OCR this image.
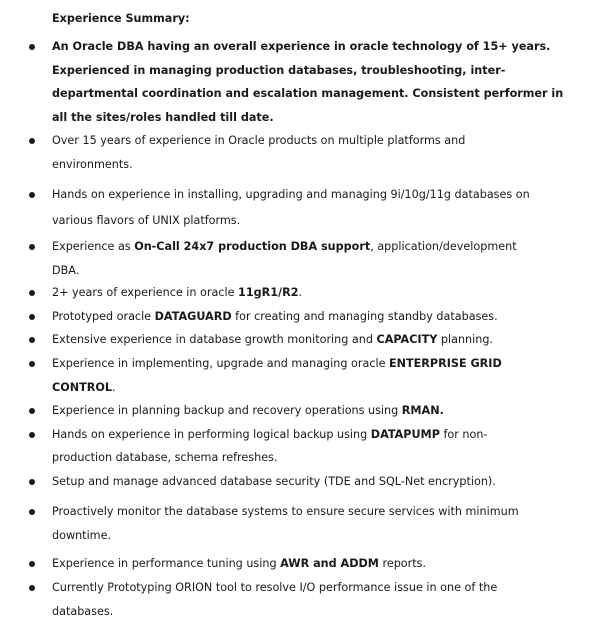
Experience Summary:
An Oracle DBA having an overall experience in oracle technology of 15+ years.
Experienced in managing production databases, troubleshooting, inter-
departmental coordination and escalation management. Consistent performer in
all the sites/roles handled till date.
Over 15 years of experience in Oracle products on multiple platforms and
environments.
Hands on experience in installing, upgrading and managing 9i/10g/11g databases on
various flavors of UNIX platforms.
Experience as On-Call 24x7 production DBA support, application/development
DBA.
2+ years of experience in oracle 11gR1/R2.
Prototyped oracle DATAGUARD for creating and managing standby databases.
Extensive experience in database growth monitoring and CAPACITY planning.
Experience in implementing, upgrade and managing oracle ENTERPRISE GRID
CONTROL.
Experience in planning backup and recovery operations using RMAN.
Hands on experience in performing logical backup using DATAPUMP for non-
production database, schema refreshes.
Setup and manage advanced database security (TDE and SQL-Net encryption).
Proactively monitor the database systems to ensure secure services with minimum
downtime.
Experience in performance tuning using AWR and ADDM reports.
Currently Prototyping ORION tool to resolve I/O performance issue in one of the
databases.
